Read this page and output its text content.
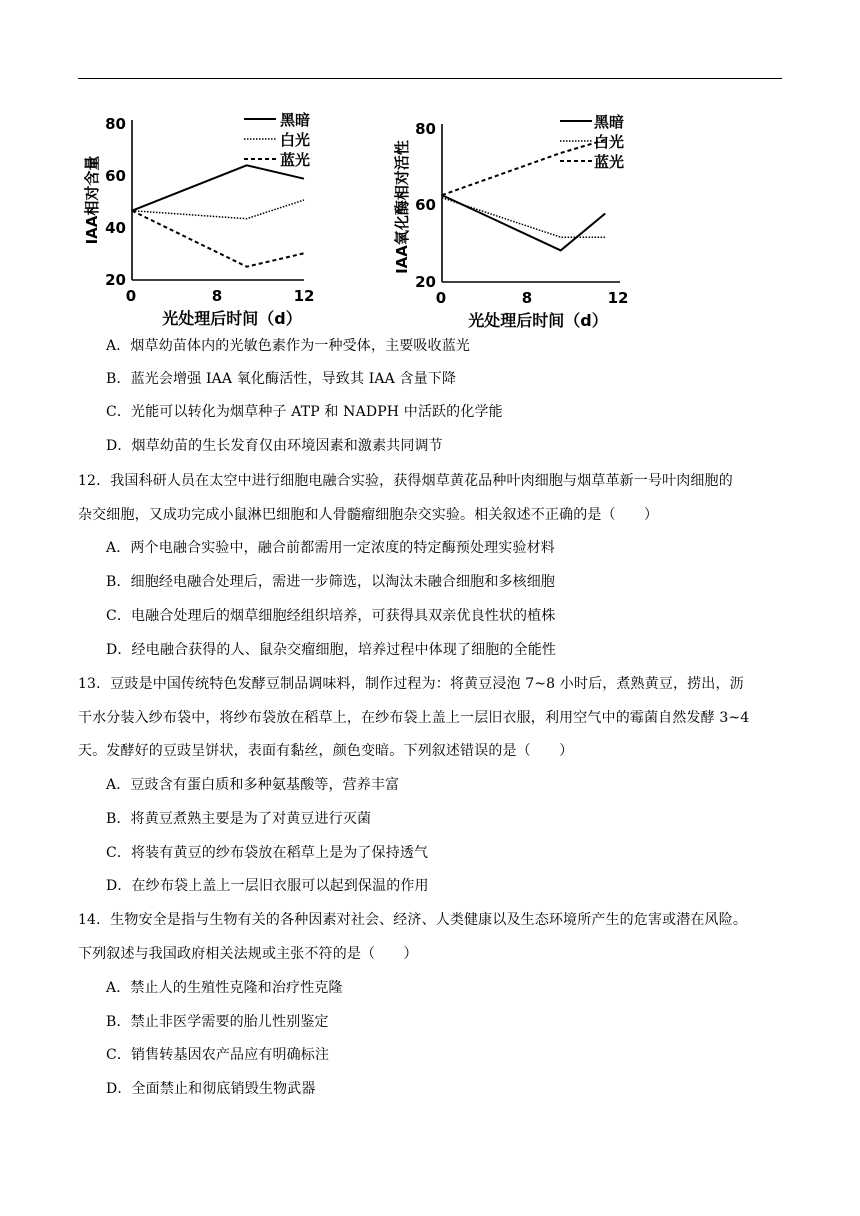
80
60
40
20
0	8	12
光处理后时间（d）
IAA相对含量
黑暗
白光
蓝光
80
60
20
0	8	12
光处理后时间（d）
IAA氧化酶相对活性
黑暗
白光
蓝光
A．烟草幼苗体内的光敏色素作为一种受体，主要吸收蓝光
B．蓝光会增强 IAA 氧化酶活性，导致其 IAA 含量下降
C．光能可以转化为烟草种子 ATP 和 NADPH 中活跃的化学能
D．烟草幼苗的生长发育仅由环境因素和激素共同调节
12．我国科研人员在太空中进行细胞电融合实验，获得烟草黄花品种叶肉细胞与烟草革新一号叶肉细胞的
杂交细胞，又成功完成小鼠淋巴细胞和人骨髓瘤细胞杂交实验。相关叙述不正确的是（　　）
A．两个电融合实验中，融合前都需用一定浓度的特定酶预处理实验材料
B．细胞经电融合处理后，需进一步筛选，以淘汰未融合细胞和多核细胞
C．电融合处理后的烟草细胞经组织培养，可获得具双亲优良性状的植株
D．经电融合获得的人、鼠杂交瘤细胞，培养过程中体现了细胞的全能性
13．豆豉是中国传统特色发酵豆制品调味料，制作过程为：将黄豆浸泡 7~8 小时后，煮熟黄豆，捞出，沥
干水分装入纱布袋中，将纱布袋放在稻草上，在纱布袋上盖上一层旧衣服，利用空气中的霉菌自然发酵 3~4
天。发酵好的豆豉呈饼状，表面有黏丝，颜色变暗。下列叙述错误的是（　　）
A．豆豉含有蛋白质和多种氨基酸等，营养丰富
B．将黄豆煮熟主要是为了对黄豆进行灭菌
C．将装有黄豆的纱布袋放在稻草上是为了保持透气
D．在纱布袋上盖上一层旧衣服可以起到保温的作用
14．生物安全是指与生物有关的各种因素对社会、经济、人类健康以及生态环境所产生的危害或潜在风险。
下列叙述与我国政府相关法规或主张不符的是（　　）
A．禁止人的生殖性克隆和治疗性克隆
B．禁止非医学需要的胎儿性别鉴定
C．销售转基因农产品应有明确标注
D．全面禁止和彻底销毁生物武器
